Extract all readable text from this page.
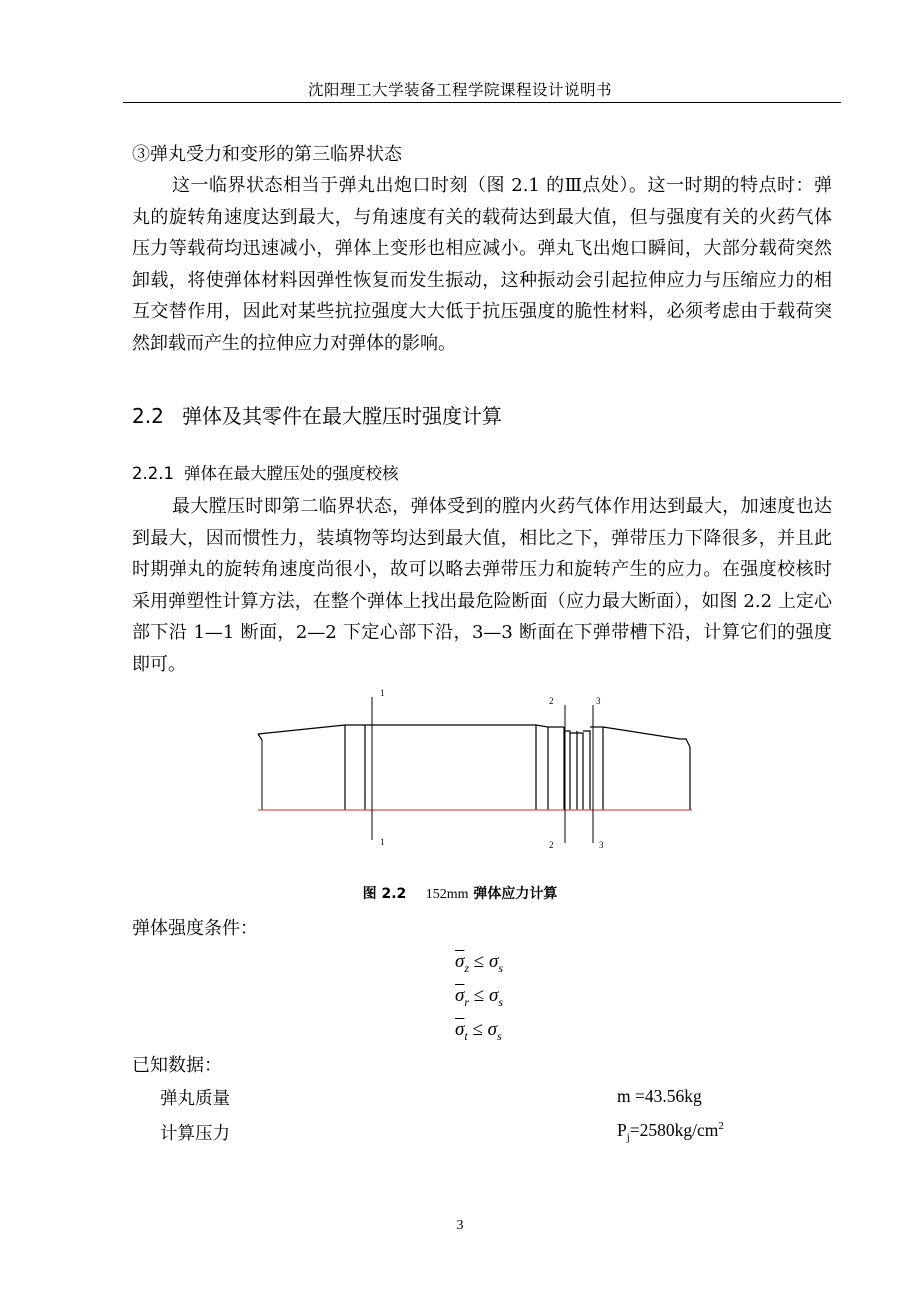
沈阳理工大学装备工程学院课程设计说明书
③弹丸受力和变形的第三临界状态
这一临界状态相当于弹丸出炮口时刻（图 2.1 的Ⅲ点处）。这一时期的特点时：弹丸的旋转角速度达到最大，与角速度有关的载荷达到最大值，但与强度有关的火药气体压力等载荷均迅速减小，弹体上变形也相应减小。弹丸飞出炮口瞬间，大部分载荷突然卸载，将使弹体材料因弹性恢复而发生振动，这种振动会引起拉伸应力与压缩应力的相互交替作用，因此对某些抗拉强度大大低于抗压强度的脆性材料，必须考虑由于载荷突然卸载而产生的拉伸应力对弹体的影响。
2.2 弹体及其零件在最大膛压时强度计算
2.2.1 弹体在最大膛压处的强度校核
最大膛压时即第二临界状态，弹体受到的膛内火药气体作用达到最大，加速度也达到最大，因而惯性力，装填物等均达到最大值，相比之下，弹带压力下降很多，并且此时期弹丸的旋转角速度尚很小，故可以略去弹带压力和旋转产生的应力。在强度校核时采用弹塑性计算方法，在整个弹体上找出最危险断面（应力最大断面），如图 2.2 上定心部下沿 1—1 断面，2—2 下定心部下沿，3—3 断面在下弹带槽下沿，计算它们的强度即可。
1
1
2
2
3
3
图 2.2 152mm 弹体应力计算
弹体强度条件：
$\overline{\sigma}_z \le \sigma_s$
$\overline{\sigma}_r \le \sigma_s$
$\overline{\sigma}_t \le \sigma_s$
已知数据：
弹丸质量	m =43.56kg
计算压力	$P_j=2580kg/cm^2$
3
